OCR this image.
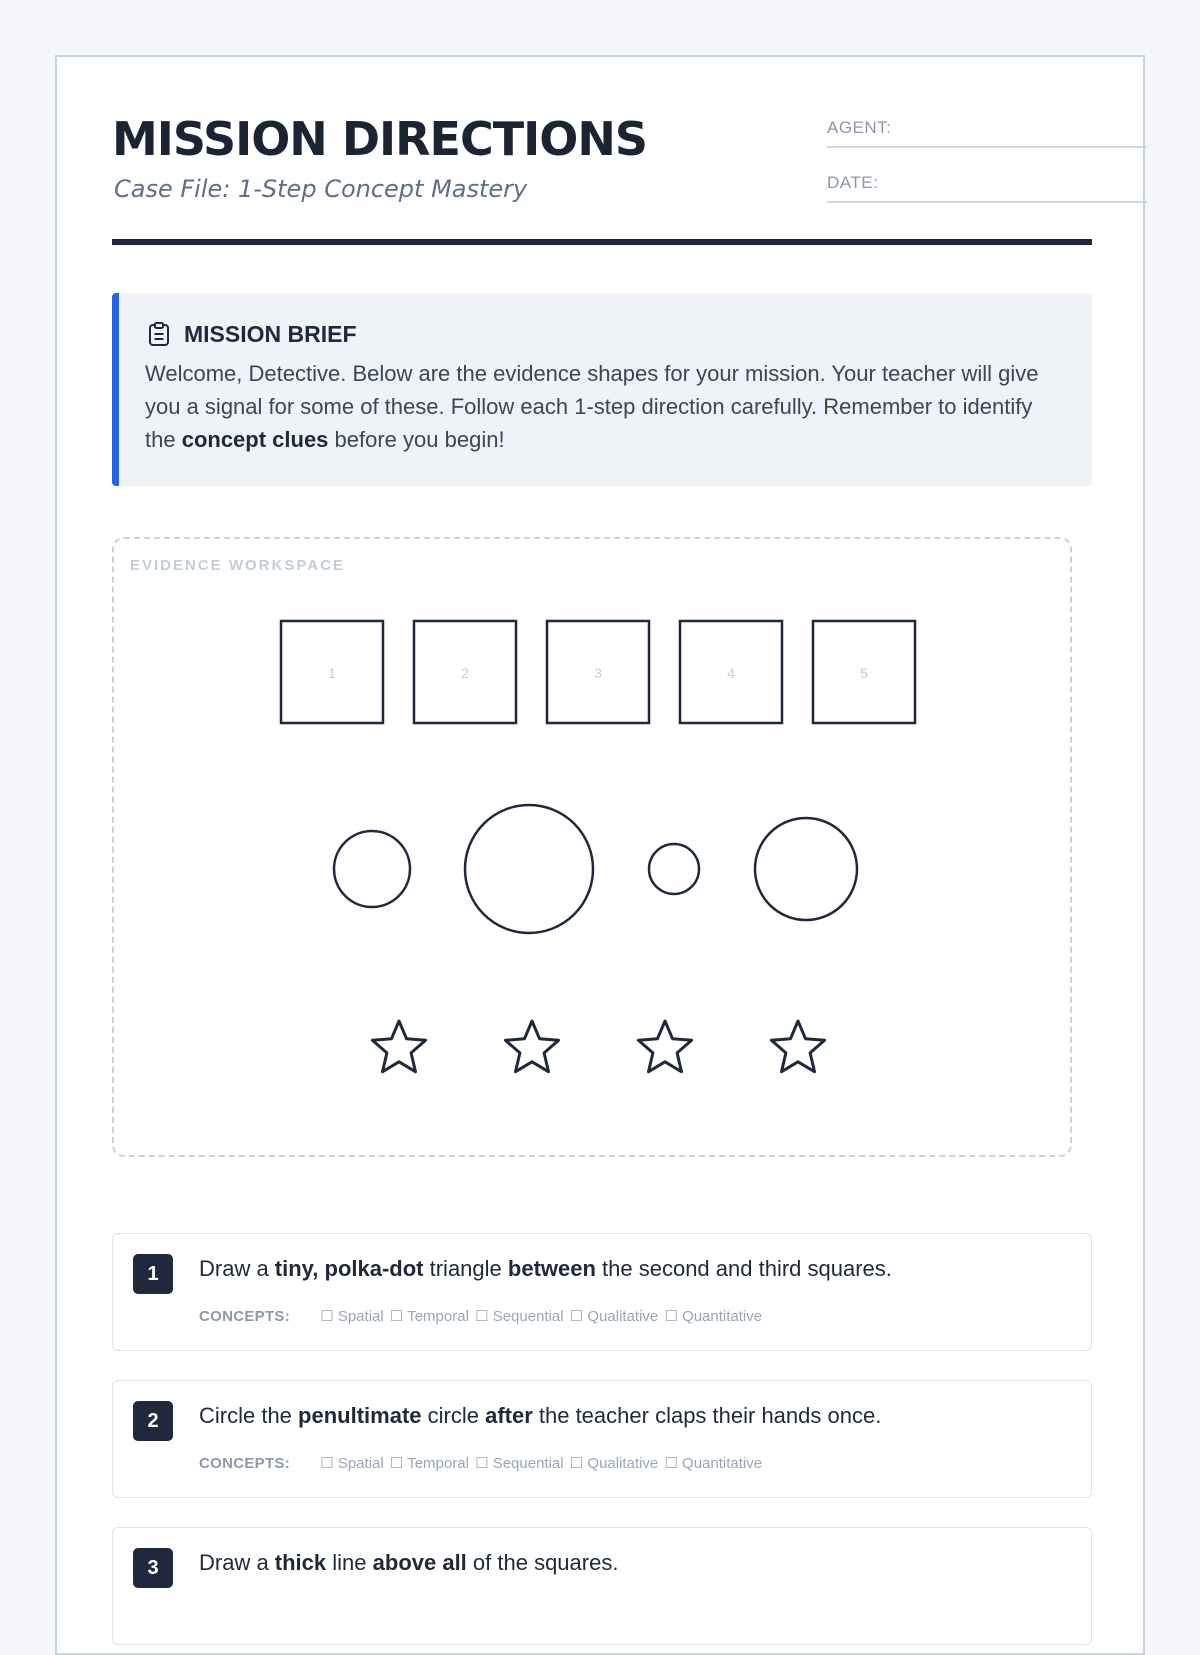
MISSION DIRECTIONS
Case File: 1-Step Concept Mastery
AGENT:
DATE:
MISSION BRIEF
Welcome, Detective. Below are the evidence shapes for your mission. Your teacher will give you a signal for some of these. Follow each 1-step direction carefully. Remember to identify the concept clues before you begin!
EVIDENCE WORKSPACE
1	2	3	4	5
1	Draw a tiny, polka-dot triangle between the second and third squares.
CONCEPTS: ☐ Spatial ☐ Temporal ☐ Sequential ☐ Qualitative ☐ Quantitative
2	Circle the penultimate circle after the teacher claps their hands once.
CONCEPTS: ☐ Spatial ☐ Temporal ☐ Sequential ☐ Qualitative ☐ Quantitative
3	Draw a thick line above all of the squares.
